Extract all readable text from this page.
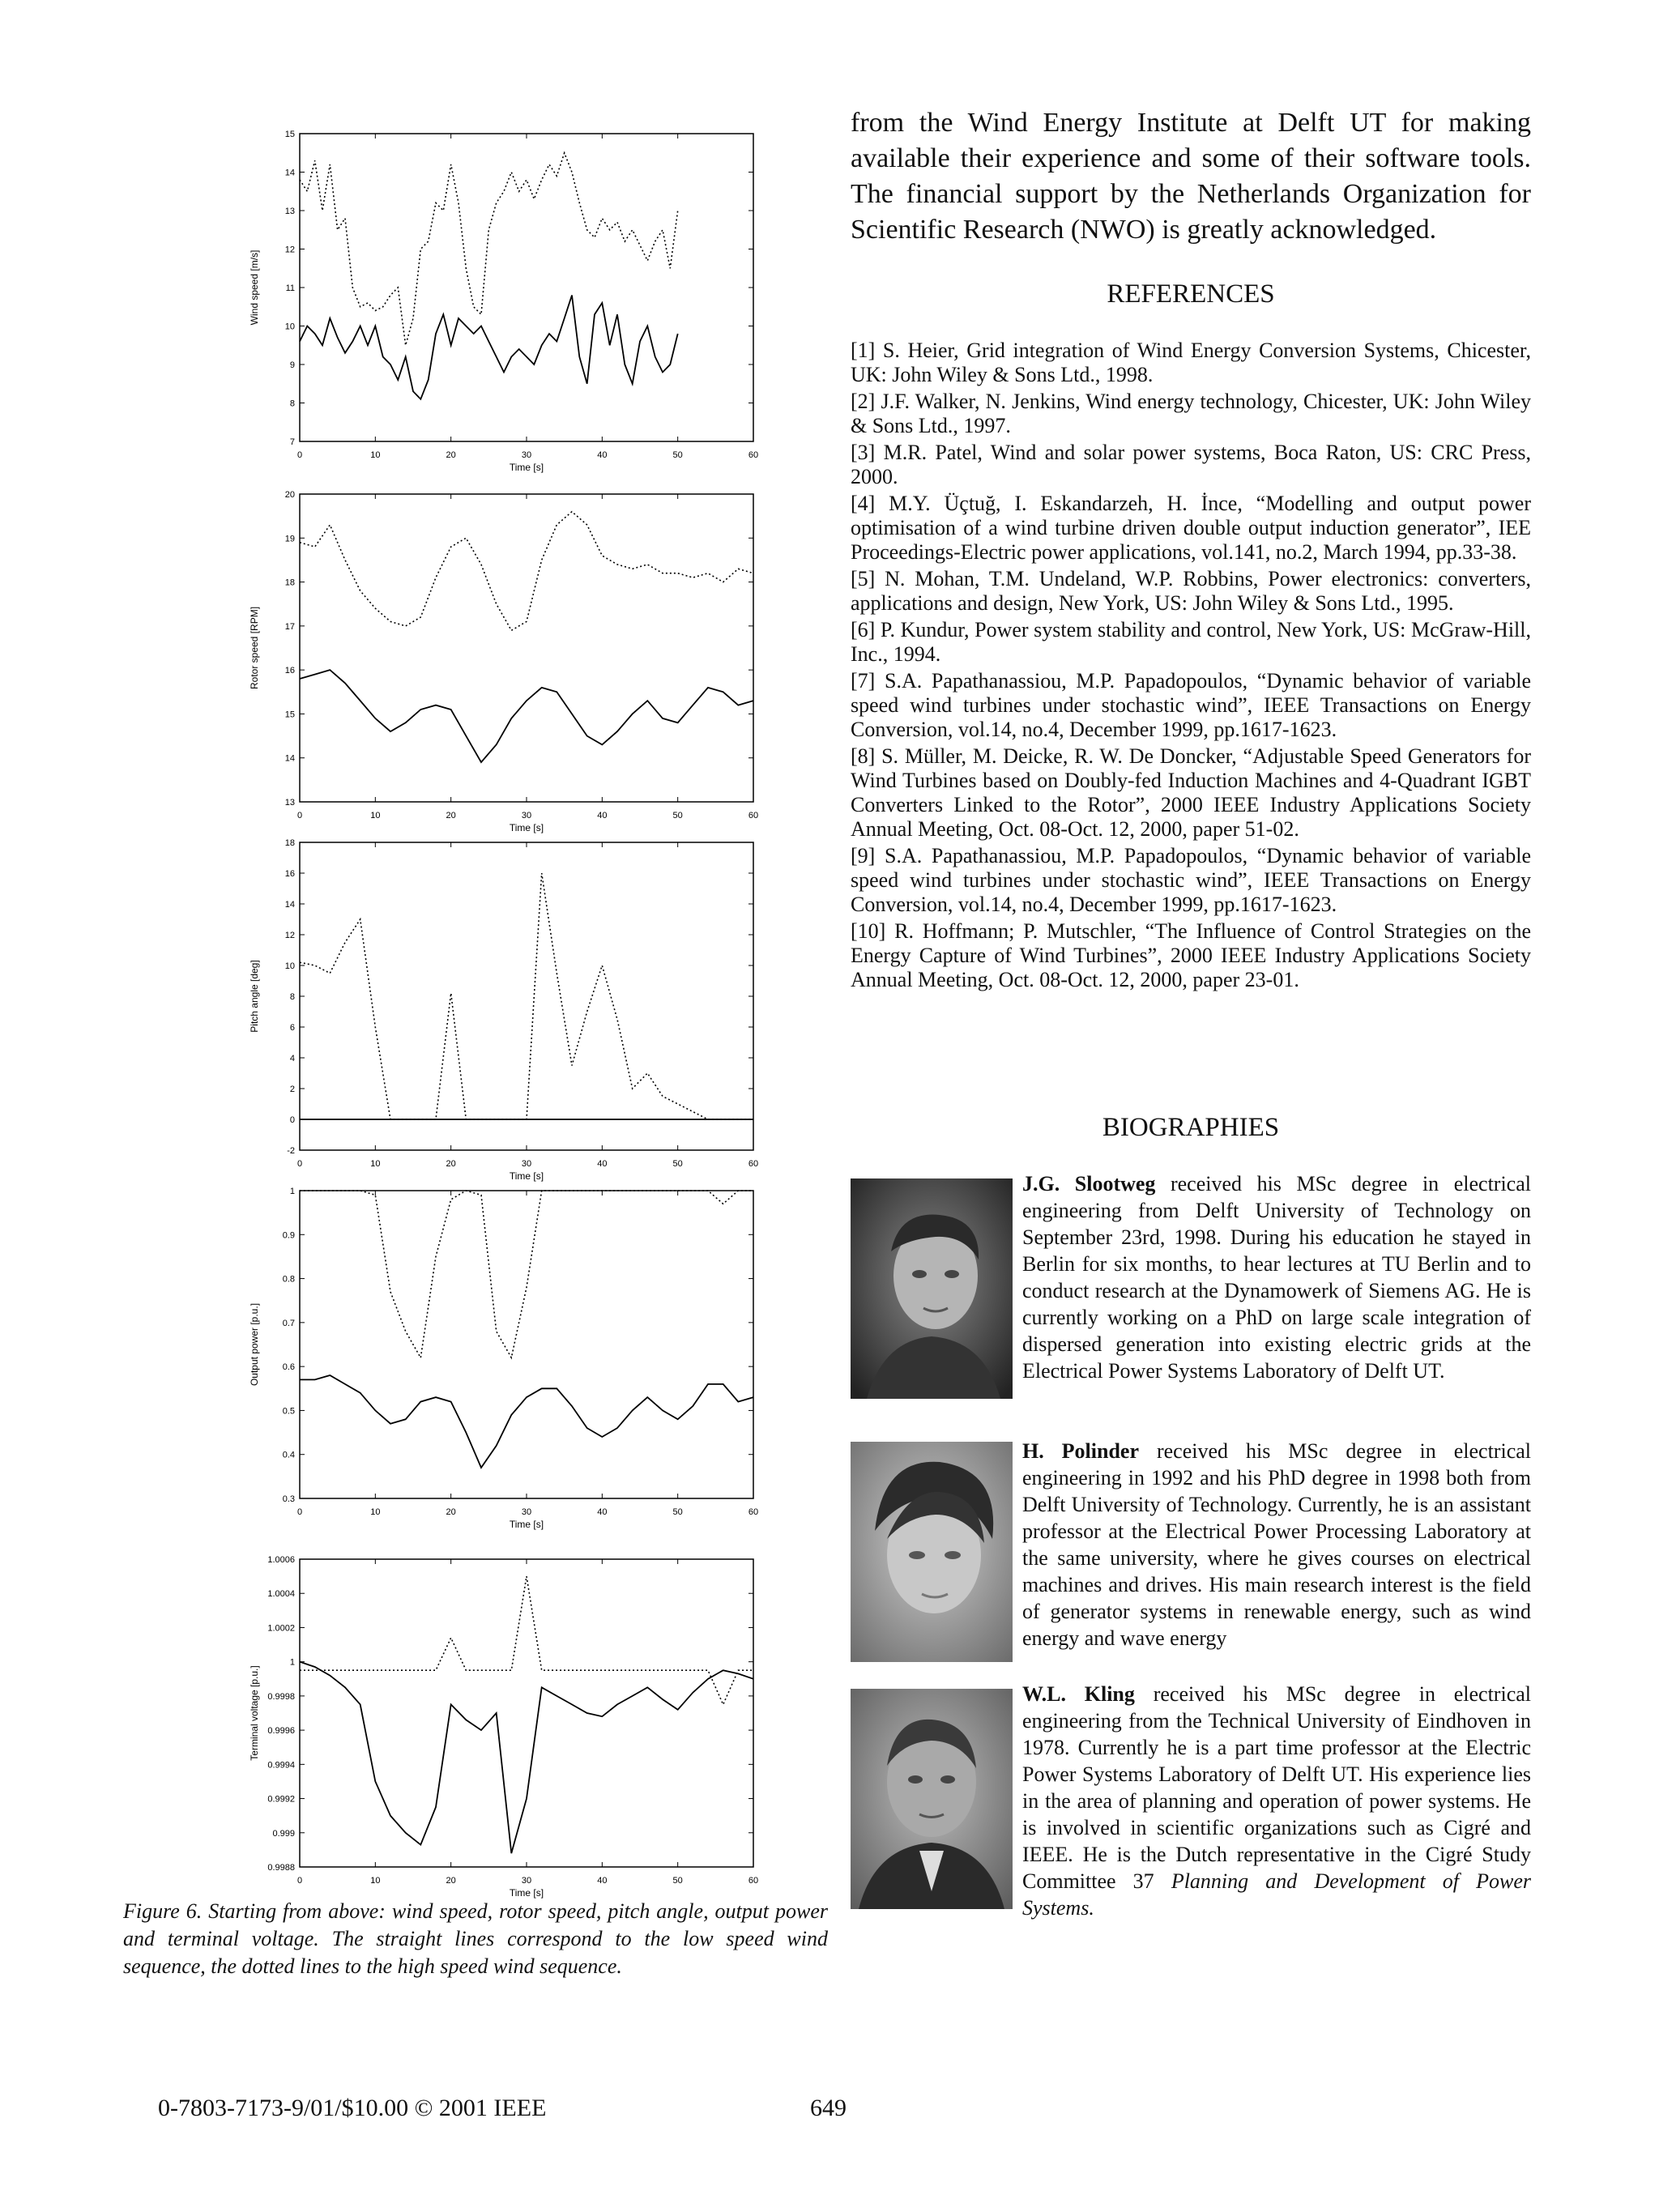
0	10	20	30	40	50	60
7
8
9
10
11
12
13
14
15
Time [s]
Wind speed [m/s]
0	10	20	30	40	50	60
13
14
15
16
17
18
19
20
Time [s]
Rotor speed [RPM]
0	10	20	30	40	50	60
-2
0
2
4
6
8
10
12
14
16
18
Time [s]
Pitch angle [deg]
0	10	20	30	40	50	60
0.3
0.4
0.5
0.6
0.7
0.8
0.9
1
Time [s]
Output power [p.u.]
0	10	20	30	40	50	60
0.9988
0.999
0.9992
0.9994
0.9996
0.9998
1
1.0002
1.0004
1.0006
Time [s]
Terminal voltage [p.u.]
Figure 6. Starting from above: wind speed, rotor speed, pitch angle, output power and terminal voltage. The straight lines correspond to the low speed wind sequence, the dotted lines to the high speed wind sequence.
from the Wind Energy Institute at Delft UT for making available their experience and some of their software tools. The financial support by the Netherlands Organization for Scientific Research (NWO) is greatly acknowledged.
REFERENCES
[1] S. Heier, Grid integration of Wind Energy Conversion Systems, Chicester, UK: John Wiley & Sons Ltd., 1998.
[2] J.F. Walker, N. Jenkins, Wind energy technology, Chicester, UK: John Wiley & Sons Ltd., 1997.
[3] M.R. Patel, Wind and solar power systems, Boca Raton, US: CRC Press, 2000.
[4] M.Y. Üçtuğ, I. Eskandarzeh, H. İnce, “Modelling and output power optimisation of a wind turbine driven double output induction generator”, IEE Proceedings-Electric power applications, vol.141, no.2, March 1994, pp.33-38.
[5] N. Mohan, T.M. Undeland, W.P. Robbins, Power electronics: converters, applications and design, New York, US: John Wiley & Sons Ltd., 1995.
[6] P. Kundur, Power system stability and control, New York, US: McGraw-Hill, Inc., 1994.
[7] S.A. Papathanassiou, M.P. Papadopoulos, “Dynamic behavior of variable speed wind turbines under stochastic wind”, IEEE Transactions on Energy Conversion, vol.14, no.4, December 1999, pp.1617-1623.
[8] S. Müller, M. Deicke, R. W. De Doncker, “Adjustable Speed Generators for Wind Turbines based on Doubly-fed Induction Machines and 4-Quadrant IGBT Converters Linked to the Rotor”, 2000 IEEE Industry Applications Society Annual Meeting, Oct. 08-Oct. 12, 2000, paper 51-02.
[9] S.A. Papathanassiou, M.P. Papadopoulos, “Dynamic behavior of variable speed wind turbines under stochastic wind”, IEEE Transactions on Energy Conversion, vol.14, no.4, December 1999, pp.1617-1623.
[10] R. Hoffmann; P. Mutschler, “The Influence of Control Strategies on the Energy Capture of Wind Turbines”, 2000 IEEE Industry Applications Society Annual Meeting, Oct. 08-Oct. 12, 2000, paper 23-01.
BIOGRAPHIES
J.G. Slootweg received his MSc degree in electrical engineering from Delft University of Technology on September 23rd, 1998. During his education he stayed in Berlin for six months, to hear lectures at TU Berlin and to conduct research at the Dynamowerk of Siemens AG. He is currently working on a PhD on large scale integration of dispersed generation into existing electric grids at the Electrical Power Systems Laboratory of Delft UT.
H. Polinder received his MSc degree in electrical engineering in 1992 and his PhD degree in 1998 both from Delft University of Technology. Currently, he is an assistant professor at the Electrical Power Processing Laboratory at the same university, where he gives courses on electrical machines and drives. His main research interest is the field of generator systems in renewable energy, such as wind energy and wave energy
W.L. Kling received his MSc degree in electrical engineering from the Technical University of Eindhoven in 1978. Currently he is a part time professor at the Electric Power Systems Laboratory of Delft UT. His experience lies in the area of planning and operation of power systems. He is involved in scientific organizations such as Cigré and IEEE. He is the Dutch representative in the Cigré Study Committee 37 Planning and Development of Power Systems.
0-7803-7173-9/01/$10.00 © 2001 IEEE	649
